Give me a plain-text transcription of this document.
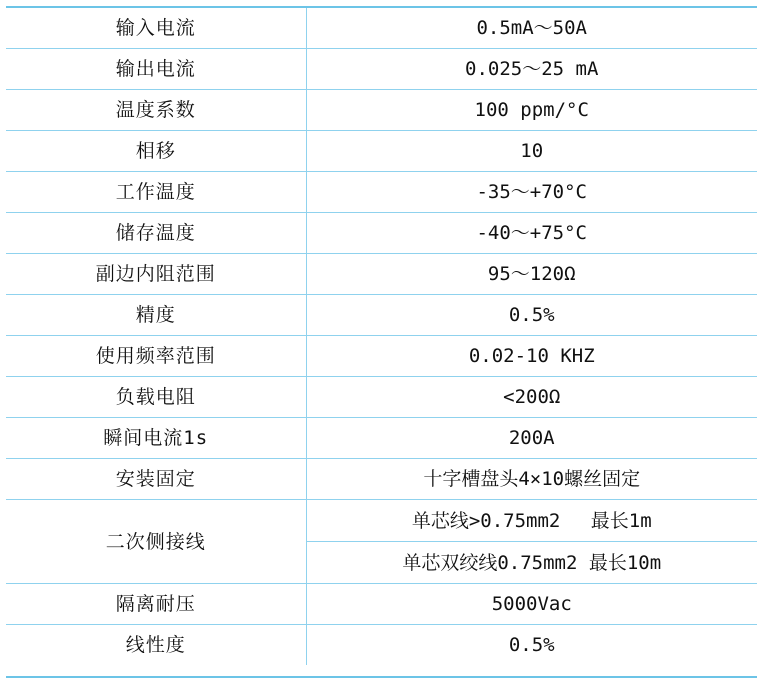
输入电流	0.5mA～50A
输出电流	0.025～25 mA
温度系数	100 ppm/°C
相移	10
工作温度	-35～+70°C
储存温度	-40～+75°C
副边内阻范围	95～120Ω
精度	0.5%
使用频率范围	0.02-10 KHZ
负载电阻	<200Ω
瞬间电流1s	200A
安装固定	十字槽盘头4×10螺丝固定
二次侧接线	单芯线>0.75mm2　 最长1m
	单芯双绞线0.75mm2 最长10m
隔离耐压	5000Vac
线性度	0.5%
